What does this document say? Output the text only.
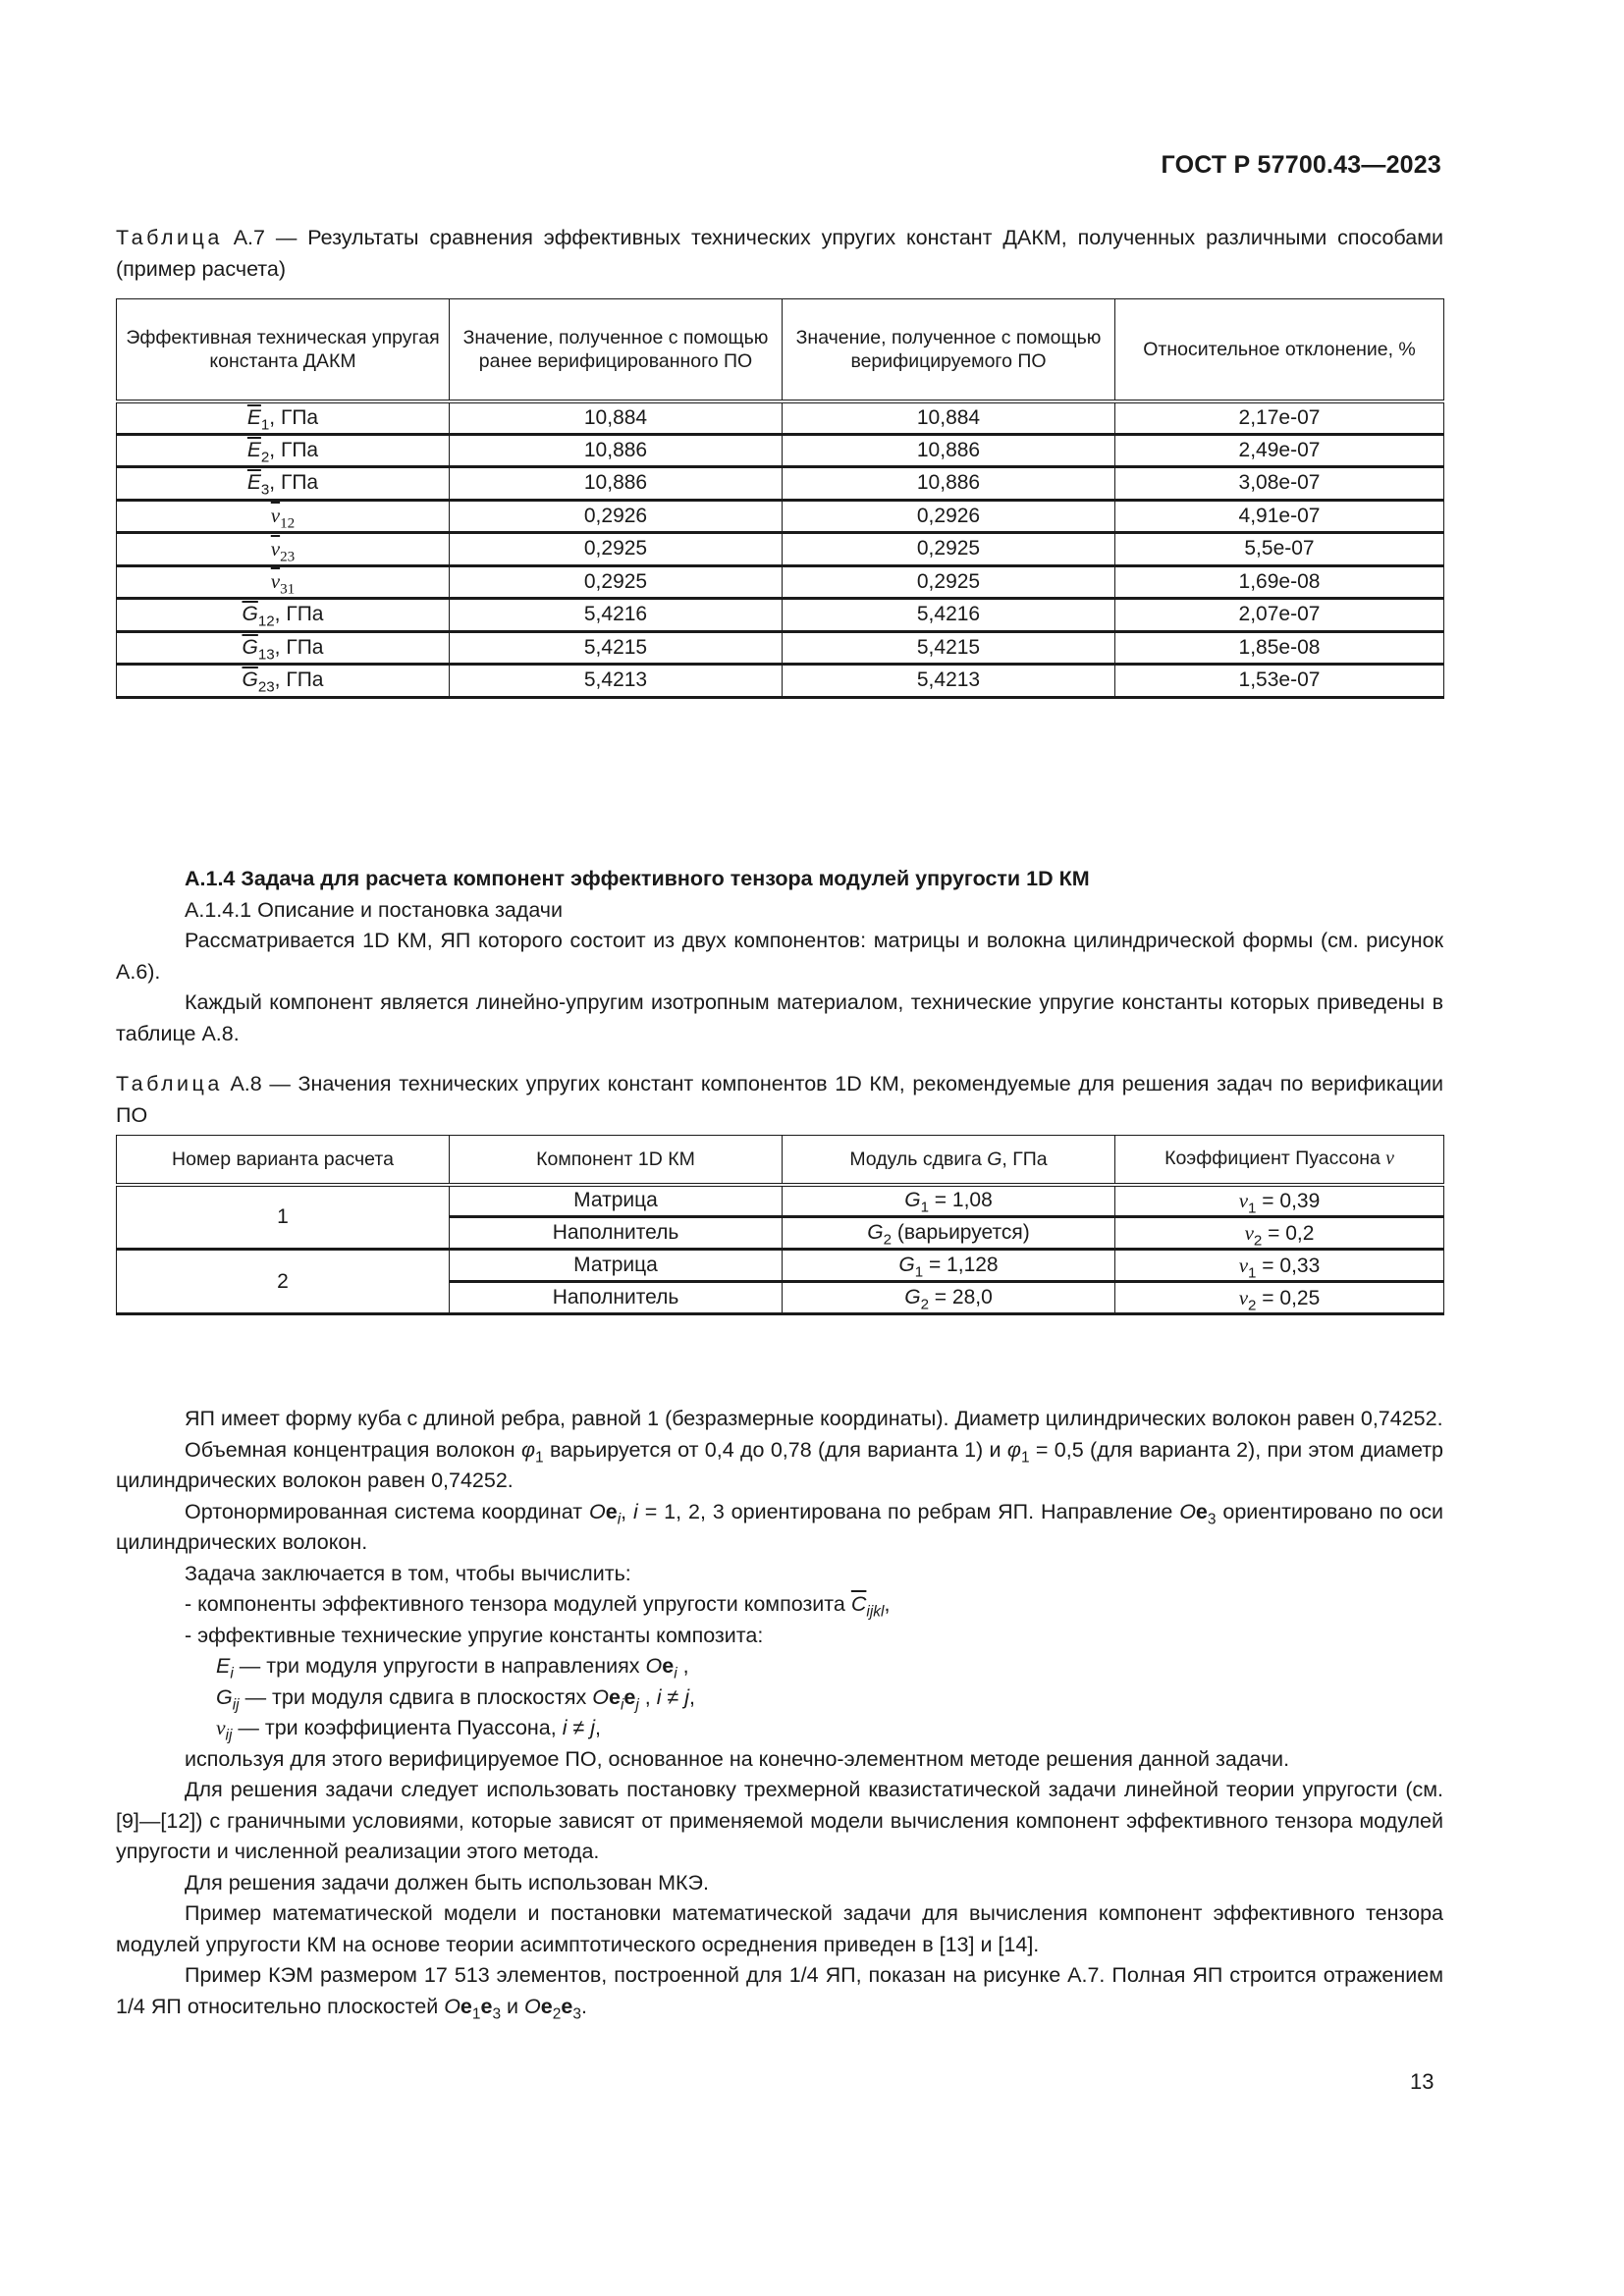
ГОСТ Р 57700.43—2023
Таблица А.7 — Результаты сравнения эффективных технических упругих констант ДАКМ, полученных различными способами (пример расчета)
Эффективная техническая упругая константа ДАКМ	Значение, полученное с помощью ранее верифицированного ПО	Значение, полученное с помощью верифицируемого ПО	Относительное отклонение, %
$\overline{E}_1$, ГПа	10,884	10,884	2,17e-07
$\overline{E}_2$, ГПа	10,886	10,886	2,49e-07
$\overline{E}_3$, ГПа	10,886	10,886	3,08e-07
$\overline{\nu}_{12}$	0,2926	0,2926	4,91e-07
$\overline{\nu}_{23}$	0,2925	0,2925	5,5e-07
$\overline{\nu}_{31}$	0,2925	0,2925	1,69e-08
$\overline{G}_{12}$, ГПа	5,4216	5,4216	2,07e-07
$\overline{G}_{13}$, ГПа	5,4215	5,4215	1,85e-08
$\overline{G}_{23}$, ГПа	5,4213	5,4213	1,53e-07

А.1.4 Задача для расчета компонент эффективного тензора модулей упругости 1D КМ

А.1.4.1 Описание и постановка задачи

Рассматривается 1D КМ, ЯП которого состоит из двух компонентов: матрицы и волокна цилиндрической формы (см. рисунок А.6).

Каждый компонент является линейно-упругим изотропным материалом, технические упругие константы которых приведены в таблице А.8.

Таблица А.8 — Значения технических упругих констант компонентов 1D КМ, рекомендуемые для решения задач по верификации ПО
Номер варианта расчета	Компонент 1D КМ	Модуль сдвига G, ГПа	Коэффициент Пуассона ν
1	Матрица	$G_1 = 1,08$	$\nu_1 = 0,39$
	Наполнитель	$G_2$ (варьируется)	$\nu_2 = 0,2$
2	Матрица	$G_1 = 1,128$	$\nu_1 = 0,33$
	Наполнитель	$G_2 = 28,0$	$\nu_2 = 0,25$

ЯП имеет форму куба с длиной ребра, равной 1 (безразмерные координаты). Диаметр цилиндрических волокон равен 0,74252.

Объемная концентрация волокон $\varphi_1$ варьируется от 0,4 до 0,78 (для варианта 1) и $\varphi_1 = 0,5$ (для варианта 2), при этом диаметр цилиндрических волокон равен 0,74252.

Ортонормированная система координат $Oe_i$, i = 1, 2, 3 ориентирована по ребрам ЯП. Направление $Oe_3$ ориентировано по оси цилиндрических волокон.

Задача заключается в том, чтобы вычислить:

- компоненты эффективного тензора модулей упругости композита $\overline{C}_{ijkl}$,

- эффективные технические упругие константы композита:

$E_i$ — три модуля упругости в направлениях $Oe_i$ ,

$G_{ij}$ — три модуля сдвига в плоскостях $Oe_ie_j$ , i ≠ j,

$\nu_{ij}$ — три коэффициента Пуассона, i ≠ j,

используя для этого верифицируемое ПО, основанное на конечно-элементном методе решения данной задачи.

Для решения задачи следует использовать постановку трехмерной квазистатической задачи линейной теории упругости (см. [9]—[12]) с граничными условиями, которые зависят от применяемой модели вычисления компонент эффективного тензора модулей упругости и численной реализации этого метода.

Для решения задачи должен быть использован МКЭ.

Пример математической модели и постановки математической задачи для вычисления компонент эффективного тензора модулей упругости КМ на основе теории асимптотического осреднения приведен в [13] и [14].

Пример КЭМ размером 17 513 элементов, построенной для 1/4 ЯП, показан на рисунке А.7. Полная ЯП строится отражением 1/4 ЯП относительно плоскостей $Oe_1e_3$ и $Oe_2e_3$.

13
